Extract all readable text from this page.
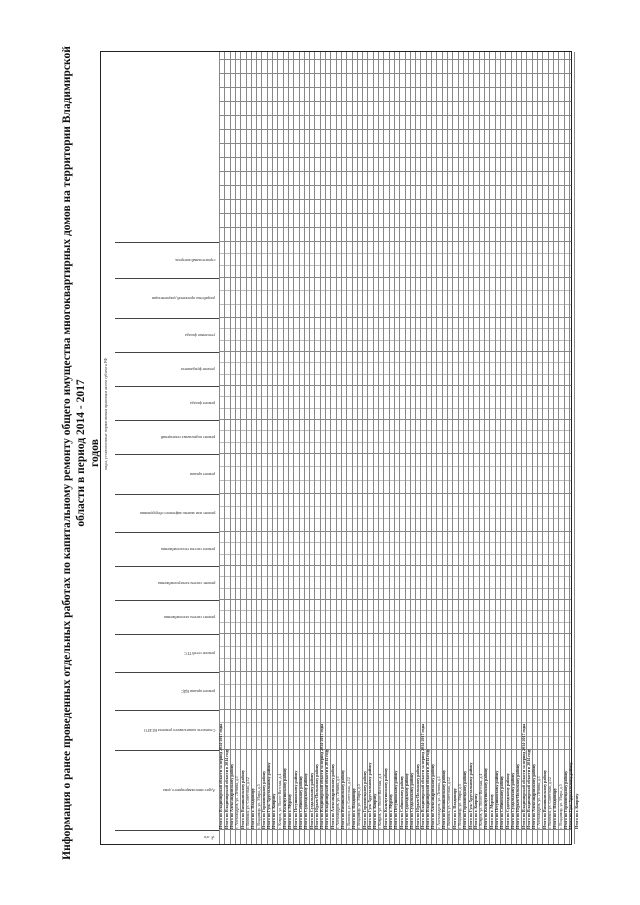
Информация о ранее проведенных отдельных работах по капитальному ремонту общего имущества многоквартирных домов на территории Владимирской области в период 2014 - 2017 годов виды, установленные нормативным правовым актом субъекта РФ
№ п/п
Адрес многоквартирного дома
Стоимость капитального ремонта ВСЕГО
ремонт крыши ВДС
ремонт сетей ТГС
ремонт систем газоснабжения
ремонт систем электроснабжения
ремонт систем теплоснабжения
ремонт или замена лифтового оборудования
ремонт крыши
ремонт подвальных помещений
ремонт фасада
ремонт фундамента
утепление фасада
разработка проектной документации
строительный контроль
Итого по Владимирской области за период 2014-2017 годы Итого по Владимирской области в 2014 году Итого по Александровскому району г. Александров, ул. Ленина, д.1 Итого по Вязниковскому району г. Вязники, ул. Советская, д.12 Итого по г. Владимиру г. Владимир, ул. Мира, д.5 Итого по Гороховецкому району Итого по Гусь-Хрустальному району Итого по г. Коврову г. Ковров, ул. Волго-Вятская, д.4 Итого по Кольчугинскому району Итого по г. Мурому Итого по Петушинскому району Итого по Собинскому району Итого по Судогодскому району Итого по Суздальскому району Итого по Юрьев-Польскому району Итого по Владимирской области за период 2014-2017 годы Итого по Владимирской области в 2014 году Итого по Александровскому району г. Александров, ул. Ленина, д.1 Итого по Вязниковскому району г. Вязники, ул. Советская, д.12 Итого по г. Владимиру г. Владимир, ул. Мира, д.5 Итого по Гороховецкому району Итого по Гусь-Хрустальному району Итого по г. Коврову г. Ковров, ул. Волго-Вятская, д.4 Итого по Кольчугинскому району Итого по г. Мурому Итого по Петушинскому району Итого по Собинскому району Итого по Судогодскому району Итого по Суздальскому району Итого по Юрьев-Польскому району Итого по Владимирской области за период 2014-2017 годы Итого по Владимирской области в 2014 году Итого по Александровскому району г. Александров, ул. Ленина, д.1 Итого по Вязниковскому району г. Вязники, ул. Советская, д.12 Итого по г. Владимиру г. Владимир, ул. Мира, д.5 Итого по Гороховецкому району Итого по Гусь-Хрустальному району Итого по г. Коврову г. Ковров, ул. Волго-Вятская, д.4 Итого по Кольчугинскому району Итого по г. Мурому Итого по Петушинскому району Итого по Собинскому району Итого по Судогодскому району Итого по Суздальскому району Итого по Юрьев-Польскому району Итого по Владимирской области за период 2014-2017 годы Итого по Владимирской области в 2014 году Итого по Александровскому району г. Александров, ул. Ленина, д.1 Итого по Вязниковскому району г. Вязники, ул. Советская, д.12 Итого по г. Владимиру г. Владимир, ул. Мира, д.5 Итого по Гороховецкому району Итого по Гусь-Хрустальному району Итого по г. Коврову
